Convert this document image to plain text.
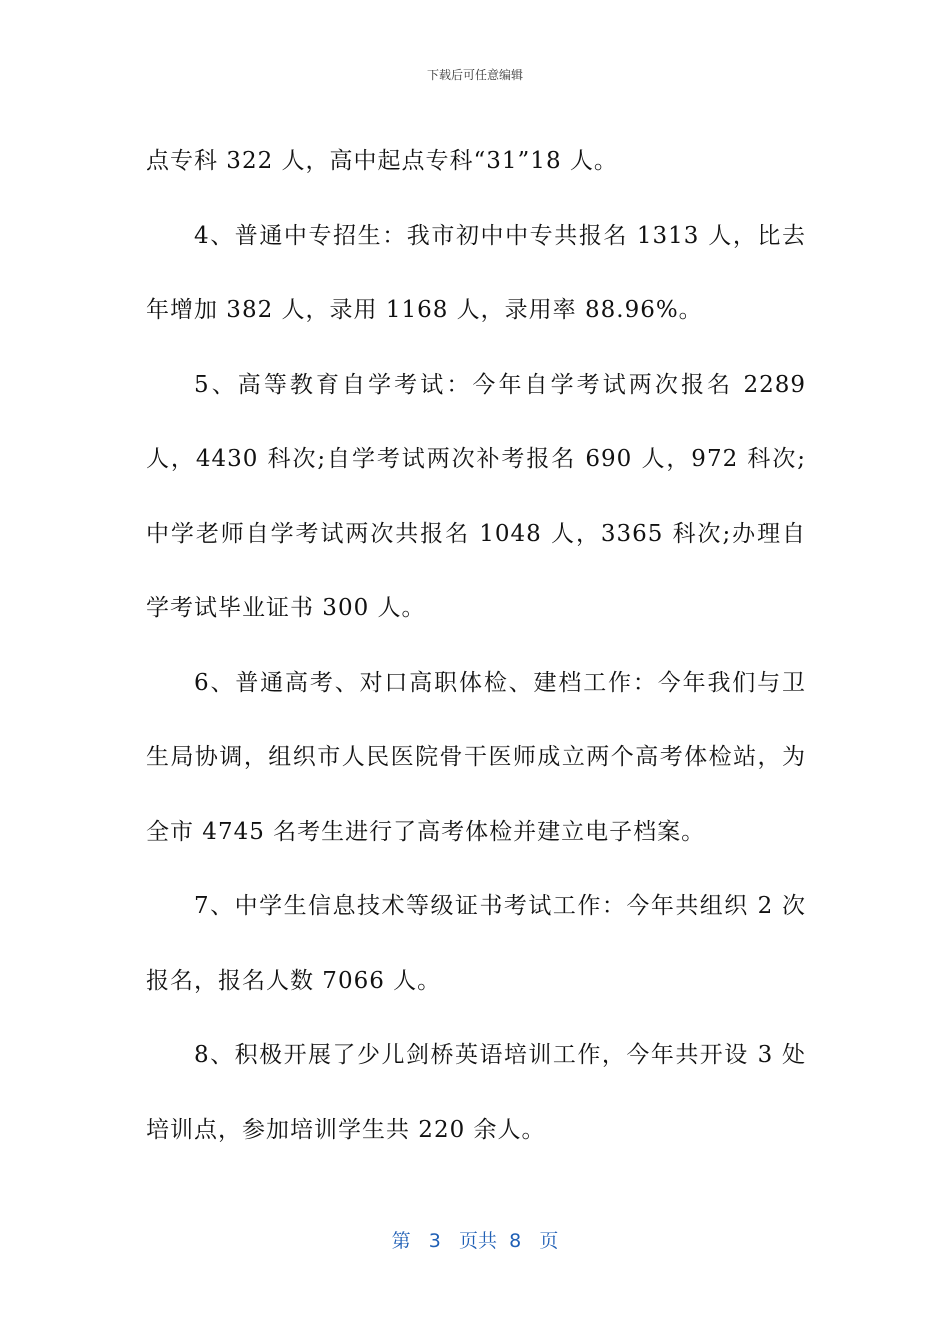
下载后可任意编辑

点专科 322 人，高中起点专科“31”18 人。

4、普通中专招生：我市初中中专共报名 1313 人，比去年增加 382 人，录用 1168 人，录用率 88.96%。

5、高等教育自学考试：今年自学考试两次报名 2289 人，4430 科次;自学考试两次补考报名 690 人，972 科次;中学老师自学考试两次共报名 1048 人，3365 科次;办理自学考试毕业证书 300 人。

6、普通高考、对口高职体检、建档工作：今年我们与卫生局协调，组织市人民医院骨干医师成立两个高考体检站，为全市 4745 名考生进行了高考体检并建立电子档案。

7、中学生信息技术等级证书考试工作：今年共组织 2 次报名，报名人数 7066 人。

8、积极开展了少儿剑桥英语培训工作，今年共开设 3 处培训点，参加培训学生共 220 余人。

第 3 页共 8 页
